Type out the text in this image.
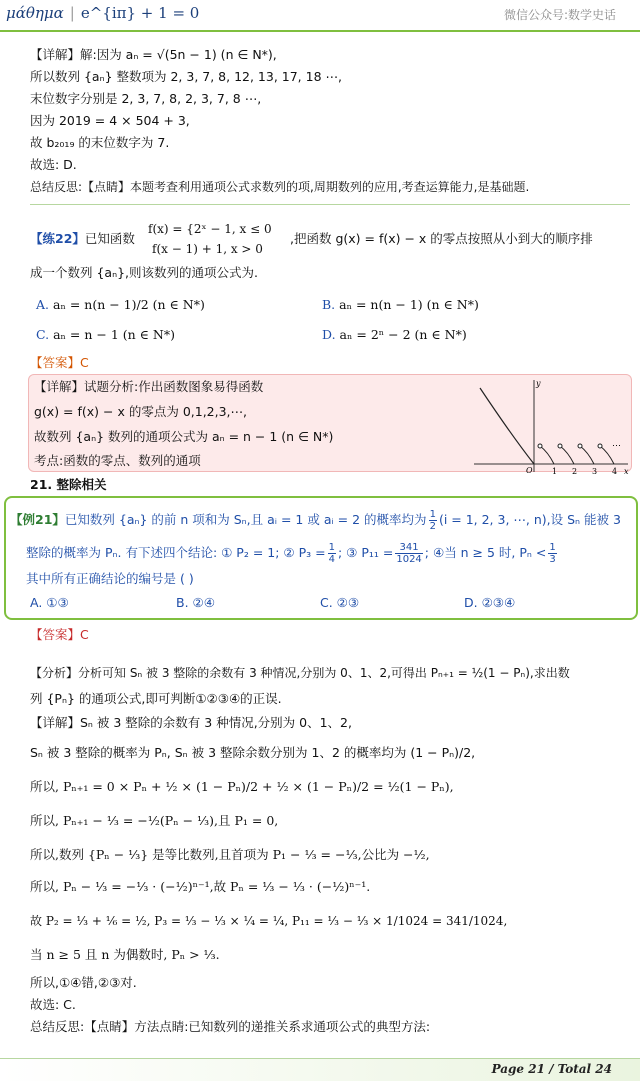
μάθημα | e^{iπ} + 1 = 0	微信公众号:数学史话
【详解】解:因为 aₙ = √(5n − 1) (n ∈ N*),
所以数列 {aₙ} 整数项为 2, 3, 7, 8, 12, 13, 17, 18 ⋯,
末位数字分别是 2, 3, 7, 8, 2, 3, 7, 8 ⋯,
因为 2019 = 4 × 504 + 3,
故 b₂₀₁₉ 的末位数字为 7.
故选: D.
总结反思:【点睛】本题考查利用通项公式求数列的项,周期数列的应用,考查运算能力,是基础题.
【练22】已知函数
f(x) = {2ˣ − 1, x ≤ 0
f(x − 1) + 1, x > 0
,把函数 g(x) = f(x) − x 的零点按照从小到大的顺序排
成一个数列 {aₙ},则该数列的通项公式为.
A. aₙ = n(n − 1)/2 (n ∈ N*)	B. aₙ = n(n − 1) (n ∈ N*)
C. aₙ = n − 1 (n ∈ N*)	D. aₙ = 2ⁿ − 2 (n ∈ N*)
【答案】C
【详解】试题分析:作出函数图象易得函数
g(x) = f(x) − x 的零点为 0,1,2,3,⋯,
故数列 {aₙ} 数列的通项公式为 aₙ = n − 1 (n ∈ N*)
考点:函数的零点、数列的通项
y
x
O 1 2 3 4
⋯
21. 整除相关
【例21】已知数列 {aₙ} 的前 n 项和为 Sₙ,且 aᵢ = 1 或 aᵢ = 2 的概率均为 $\frac{1}{2} (i = 1$, 2, 3, ⋯, n),设 Sₙ 能被 3
整除的概率为 Pₙ. 有下述四个结论: ① P₂ = 1; ② $P_3 = \frac{1}{4}$ ; ③ $P_{11} = \frac{341}{1024}$ ; ④当 n ≥ 5 时, $P_n < \frac{1}{3}$
其中所有正确结论的编号是 ( )
A. ①③	B. ②④	C. ②③	D. ②③④
【答案】C
【分析】分析可知 Sₙ 被 3 整除的余数有 3 种情况,分别为 0、1、2,可得出 Pₙ₊₁ = ½(1 − Pₙ),求出数
列 {Pₙ} 的通项公式,即可判断①②③④的正误.
【详解】Sₙ 被 3 整除的余数有 3 种情况,分别为 0、1、2,
Sₙ 被 3 整除的概率为 Pₙ, Sₙ 被 3 整除余数分别为 1、2 的概率均为 (1 − Pₙ)/2,
所以, Pₙ₊₁ = 0 × Pₙ + ½ × (1 − Pₙ)/2 + ½ × (1 − Pₙ)/2 = ½(1 − Pₙ),
所以, Pₙ₊₁ − ⅓ = −½(Pₙ − ⅓),且 P₁ = 0,
所以,数列 {Pₙ − ⅓} 是等比数列,且首项为 P₁ − ⅓ = −⅓,公比为 −½,
所以, Pₙ − ⅓ = −⅓ · (−½)ⁿ⁻¹,故 Pₙ = ⅓ − ⅓ · (−½)ⁿ⁻¹.
故 P₂ = ⅓ + ⅙ = ½, P₃ = ⅓ − ⅓ × ¼ = ¼, P₁₁ = ⅓ − ⅓ × 1/1024 = 341/1024,
当 n ≥ 5 且 n 为偶数时, Pₙ > ⅓.
所以,①④错,②③对.
故选: C.
总结反思:【点睛】方法点睛:已知数列的递推关系求通项公式的典型方法:
Page 21 / Total 24
